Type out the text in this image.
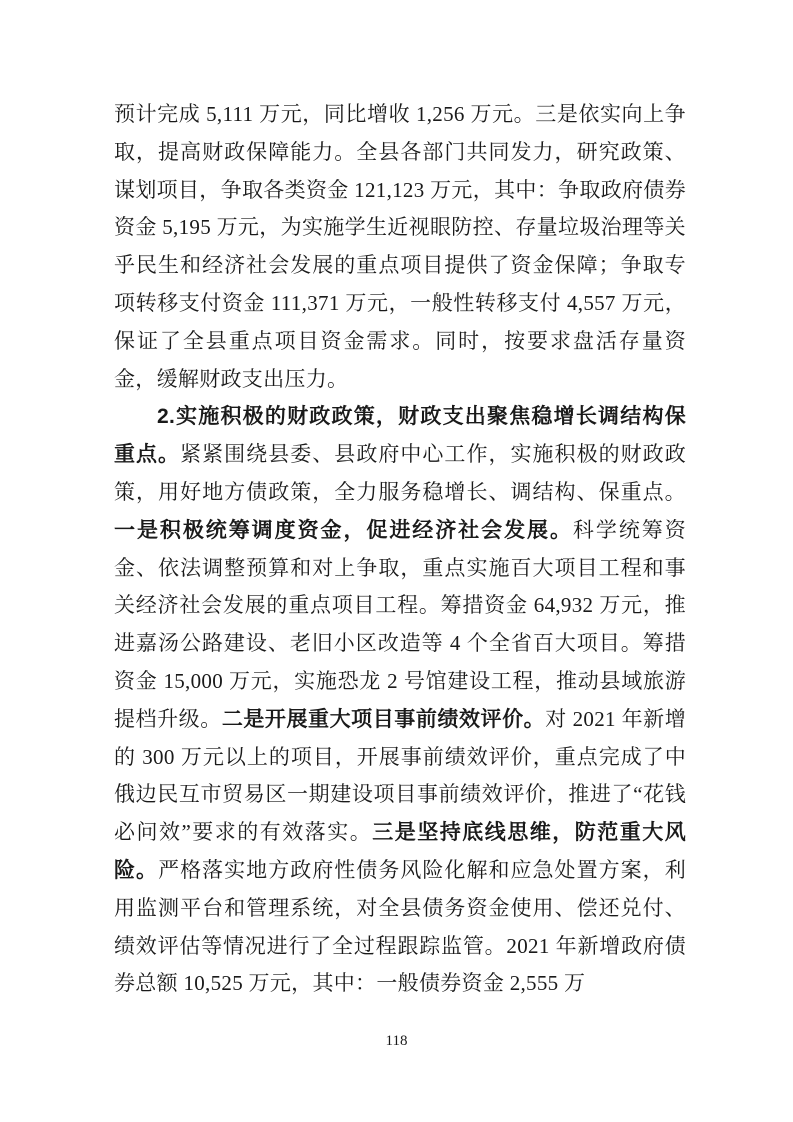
预计完成 5,111 万元，同比增收 1,256 万元。三是依实向上争取，提高财政保障能力。全县各部门共同发力，研究政策、谋划项目，争取各类资金 121,123 万元，其中：争取政府债券资金 5,195 万元，为实施学生近视眼防控、存量垃圾治理等关乎民生和经济社会发展的重点项目提供了资金保障；争取专项转移支付资金 111,371 万元，一般性转移支付 4,557 万元，保证了全县重点项目资金需求。同时，按要求盘活存量资金，缓解财政支出压力。

2.实施积极的财政政策，财政支出聚焦稳增长调结构保重点。紧紧围绕县委、县政府中心工作，实施积极的财政政策，用好地方债政策，全力服务稳增长、调结构、保重点。一是积极统筹调度资金，促进经济社会发展。科学统筹资金、依法调整预算和对上争取，重点实施百大项目工程和事关经济社会发展的重点项目工程。筹措资金 64,932 万元，推进嘉汤公路建设、老旧小区改造等 4 个全省百大项目。筹措资金 15,000 万元，实施恐龙 2 号馆建设工程，推动县域旅游提档升级。二是开展重大项目事前绩效评价。对 2021 年新增的 300 万元以上的项目，开展事前绩效评价，重点完成了中俄边民互市贸易区一期建设项目事前绩效评价，推进了“花钱必问效”要求的有效落实。三是坚持底线思维，防范重大风险。严格落实地方政府性债务风险化解和应急处置方案，利用监测平台和管理系统，对全县债务资金使用、偿还兑付、绩效评估等情况进行了全过程跟踪监管。2021 年新增政府债券总额 10,525 万元，其中：一般债券资金 2,555 万

118
